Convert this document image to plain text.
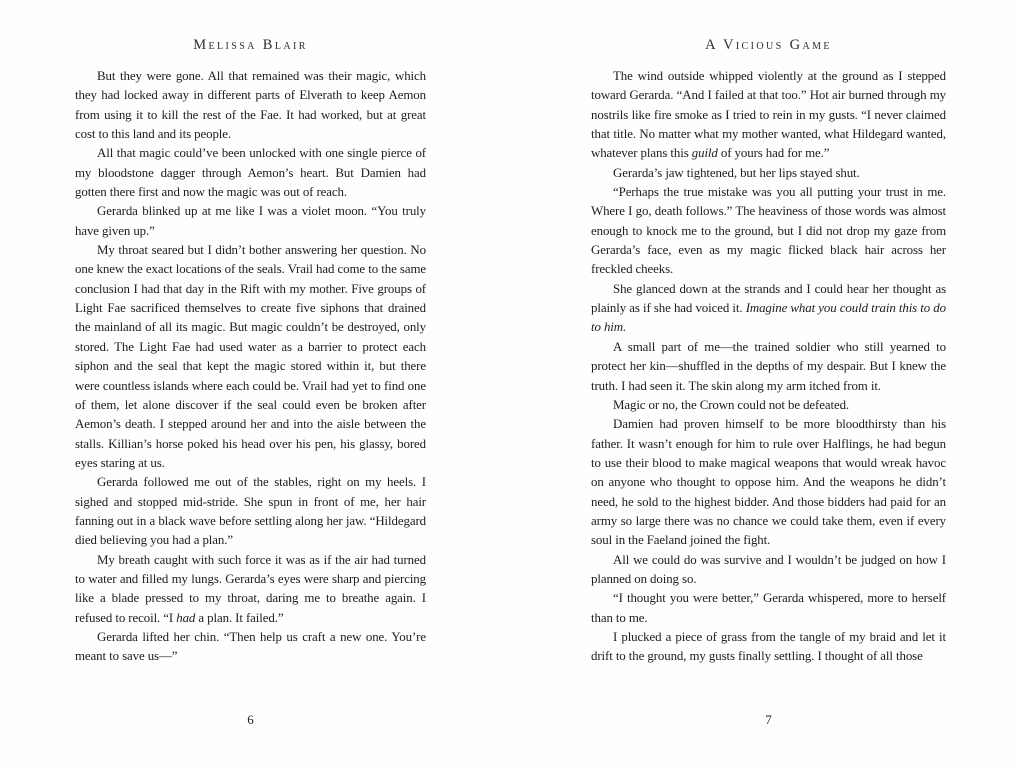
Melissa Blair

But they were gone. All that remained was their magic, which they had locked away in different parts of Elverath to keep Aemon from using it to kill the rest of the Fae. It had worked, but at great cost to this land and its people.

All that magic could’ve been unlocked with one single pierce of my bloodstone dagger through Aemon’s heart. But Damien had gotten there first and now the magic was out of reach.

Gerarda blinked up at me like I was a violet moon. “You truly have given up.”

My throat seared but I didn’t bother answering her question. No one knew the exact locations of the seals. Vrail had come to the same conclusion I had that day in the Rift with my mother. Five groups of Light Fae sacrificed themselves to create five siphons that drained the mainland of all its magic. But magic couldn’t be destroyed, only stored. The Light Fae had used water as a barrier to protect each siphon and the seal that kept the magic stored within it, but there were countless islands where each could be. Vrail had yet to find one of them, let alone discover if the seal could even be broken after Aemon’s death. I stepped around her and into the aisle between the stalls. Killian’s horse poked his head over his pen, his glassy, bored eyes staring at us.

Gerarda followed me out of the stables, right on my heels. I sighed and stopped mid-stride. She spun in front of me, her hair fanning out in a black wave before settling along her jaw. “Hildegard died believing you had a plan.”

My breath caught with such force it was as if the air had turned to water and filled my lungs. Gerarda’s eyes were sharp and piercing like a blade pressed to my throat, daring me to breathe again. I refused to recoil. “I had a plan. It failed.”

Gerarda lifted her chin. “Then help us craft a new one. You’re meant to save us—”

6
A Vicious Game

The wind outside whipped violently at the ground as I stepped toward Gerarda. “And I failed at that too.” Hot air burned through my nostrils like fire smoke as I tried to rein in my gusts. “I never claimed that title. No matter what my mother wanted, what Hildegard wanted, whatever plans this guild of yours had for me.”

Gerarda’s jaw tightened, but her lips stayed shut.

“Perhaps the true mistake was you all putting your trust in me. Where I go, death follows.” The heaviness of those words was almost enough to knock me to the ground, but I did not drop my gaze from Gerarda’s face, even as my magic flicked black hair across her freckled cheeks.

She glanced down at the strands and I could hear her thought as plainly as if she had voiced it. Imagine what you could train this to do to him.

A small part of me—the trained soldier who still yearned to protect her kin—shuffled in the depths of my despair. But I knew the truth. I had seen it. The skin along my arm itched from it.

Magic or no, the Crown could not be defeated.

Damien had proven himself to be more bloodthirsty than his father. It wasn’t enough for him to rule over Halflings, he had begun to use their blood to make magical weapons that would wreak havoc on anyone who thought to oppose him. And the weapons he didn’t need, he sold to the highest bidder. And those bidders had paid for an army so large there was no chance we could take them, even if every soul in the Faeland joined the fight.

All we could do was survive and I wouldn’t be judged on how I planned on doing so.

“I thought you were better,” Gerarda whispered, more to herself than to me.

I plucked a piece of grass from the tangle of my braid and let it drift to the ground, my gusts finally settling. I thought of all those

7
